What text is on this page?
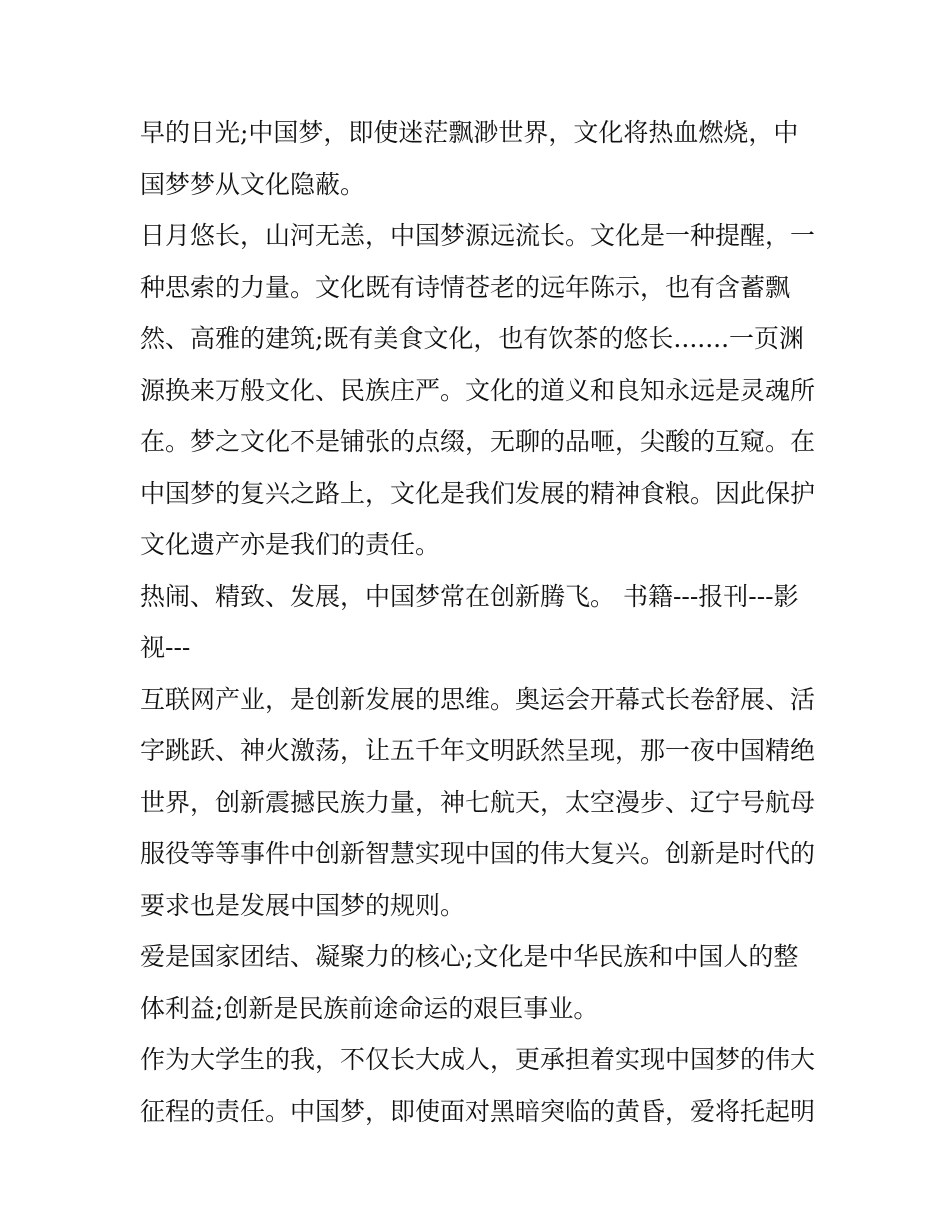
早的日光;中国梦，即使迷茫飘渺世界，文化将热血燃烧，中
国梦梦从文化隐蔽。
日月悠长，山河无恙，中国梦源远流长。文化是一种提醒，一
种思索的力量。文化既有诗情苍老的远年陈示，也有含蓄飘
然、高雅的建筑;既有美食文化，也有饮茶的悠长.......一页渊
源换来万般文化、民族庄严。文化的道义和良知永远是灵魂所
在。梦之文化不是铺张的点缀，无聊的品咂，尖酸的互窥。在
中国梦的复兴之路上，文化是我们发展的精神食粮。因此保护
文化遗产亦是我们的责任。
热闹、精致、发展，中国梦常在创新腾飞。 书籍---报刊---影
视---
互联网产业，是创新发展的思维。奥运会开幕式长卷舒展、活
字跳跃、神火激荡，让五千年文明跃然呈现，那一夜中国精绝
世界，创新震撼民族力量，神七航天，太空漫步、辽宁号航母
服役等等事件中创新智慧实现中国的伟大复兴。创新是时代的
要求也是发展中国梦的规则。
爱是国家团结、凝聚力的核心;文化是中华民族和中国人的整
体利益;创新是民族前途命运的艰巨事业。
作为大学生的我，不仅长大成人，更承担着实现中国梦的伟大
征程的责任。中国梦，即使面对黑暗突临的黄昏，爱将托起明
